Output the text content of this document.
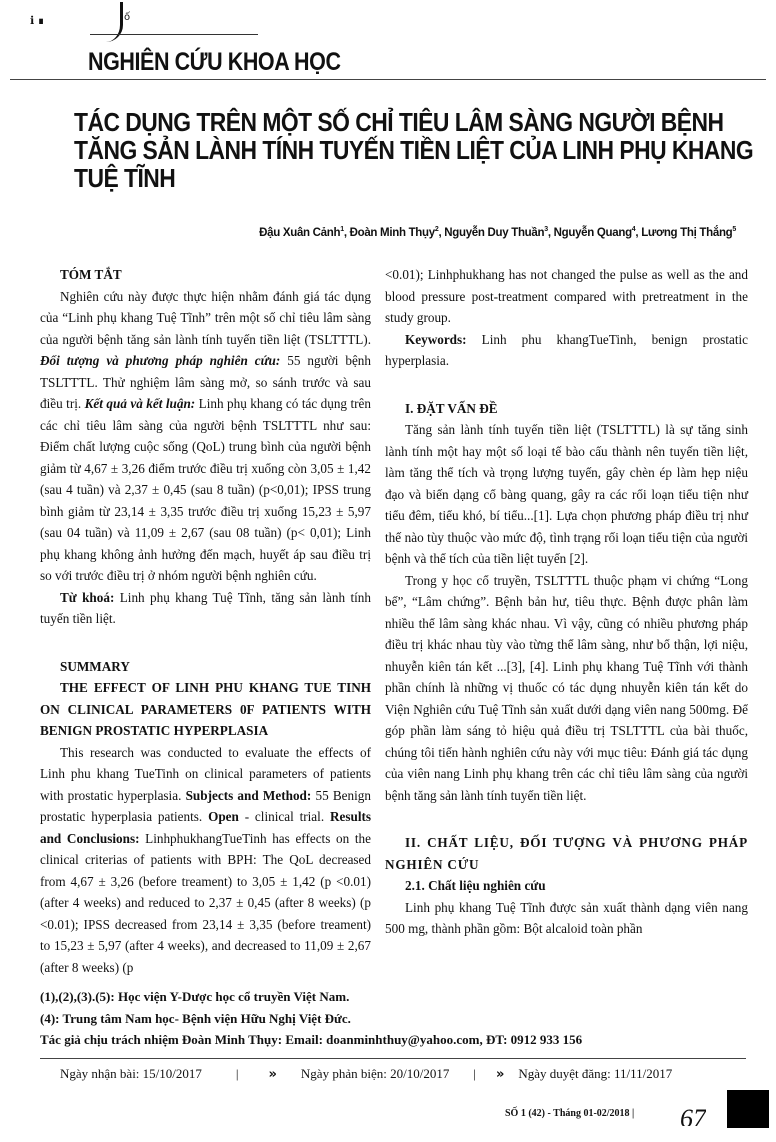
ℹ ∎	ố
NGHIÊN CỨU KHOA HỌC
TÁC DỤNG TRÊN MỘT SỐ CHỈ TIÊU LÂM SÀNG NGƯỜI BỆNH
TĂNG SẢN LÀNH TÍNH TUYẾN TIỀN LIỆT CỦA LINH PHỤ KHANG
TUỆ TĨNH
Đậu Xuân Cảnh$^1$, Đoàn Minh Thụy$^2$, Nguyễn Duy Thuần$^3$, Nguyễn Quang$^4$, Lương Thị Thắng$^5$

TÓM TẮT

Nghiên cứu này được thực hiện nhằm đánh giá tác dụng của “Linh phụ khang Tuệ Tĩnh” trên một số chỉ tiêu lâm sàng của người bệnh tăng sản lành tính tuyến tiền liệt (TSLTTTL). Đối tượng và phương pháp nghiên cứu: 55 người bệnh TSLTTTL. Thử nghiệm lâm sàng mở, so sánh trước và sau điều trị. Kết quả và kết luận: Linh phụ khang có tác dụng trên các chỉ tiêu lâm sàng của người bệnh TSLTTTL như sau: Điểm chất lượng cuộc sống (QoL) trung bình của người bệnh giảm từ 4,67 ± 3,26 điểm trước điều trị xuống còn 3,05 ± 1,42 (sau 4 tuần) và 2,37 ± 0,45 (sau 8 tuần) (p<0,01); IPSS trung bình giảm từ 23,14 ± 3,35 trước điều trị xuống 15,23 ± 5,97 (sau 04 tuần) và 11,09 ± 2,67 (sau 08 tuần) (p< 0,01); Linh phụ khang không ảnh hưởng đến mạch, huyết áp sau điều trị so với trước điều trị ở nhóm người bệnh nghiên cứu.

Từ khoá: Linh phụ khang Tuệ Tĩnh, tăng sản lành tính tuyến tiền liệt.

SUMMARY

THE EFFECT OF LINH PHU KHANG TUE TINH ON CLINICAL PARAMETERS 0F PATIENTS WITH BENIGN PROSTATIC HYPERPLASIA

This research was conducted to evaluate the effects of Linh phu khang TueTinh on clinical parameters of patients with prostatic hyperplasia. Subjects and Method: 55 Benign prostatic hyperplasia patients. Open - clinical trial. Results and Conclusions: LinhphukhangTueTinh has effects on the clinical criterias of patients with BPH: The QoL decreased from 4,67 ± 3,26 (before treament) to 3,05 ± 1,42 (p <0.01) (after 4 weeks) and reduced to 2,37 ± 0,45 (after 8 weeks) (p <0.01); IPSS decreased from 23,14 ± 3,35 (before treament) to 15,23 ± 5,97 (after 4 weeks), and decreased to 11,09 ± 2,67 (after 8 weeks) (p

<0.01); Linhphukhang has not changed the pulse as well as the and blood pressure post-treatment compared with pretreatment in the study group.

Keywords: Linh phu khangTueTinh, benign prostatic hyperplasia.

I. ĐẶT VẤN ĐỀ

Tăng sản lành tính tuyến tiền liệt (TSLTTTL) là sự tăng sinh lành tính một hay một số loại tế bào cấu thành nên tuyến tiền liệt, làm tăng thể tích và trọng lượng tuyến, gây chèn ép làm hẹp niệu đạo và biến dạng cổ bàng quang, gây ra các rối loạn tiểu tiện như tiểu đêm, tiểu khó, bí tiểu...[1]. Lựa chọn phương pháp điều trị như thế nào tùy thuộc vào mức độ, tình trạng rối loạn tiểu tiện của người bệnh và thể tích của tiền liệt tuyến [2].

Trong y học cổ truyền, TSLTTTL thuộc phạm vi chứng “Long bế”, “Lâm chứng”. Bệnh bản hư, tiêu thực. Bệnh được phân làm nhiều thể lâm sàng khác nhau. Vì vậy, cũng có nhiều phương pháp điều trị khác nhau tùy vào từng thể lâm sàng, như bổ thận, lợi niệu, nhuyễn kiên tán kết ...[3], [4]. Linh phụ khang Tuệ Tĩnh với thành phần chính là những vị thuốc có tác dụng nhuyễn kiên tán kết do Viện Nghiên cứu Tuệ Tĩnh sản xuất dưới dạng viên nang 500mg. Để góp phần làm sáng tỏ hiệu quả điều trị TSLTTTL của bài thuốc, chúng tôi tiến hành nghiên cứu này với mục tiêu: Đánh giá tác dụng của viên nang Linh phụ khang trên các chỉ tiêu lâm sàng của người bệnh tăng sản lành tính tuyến tiền liệt.

II. CHẤT LIỆU, ĐỐI TƯỢNG VÀ PHƯƠNG PHÁP NGHIÊN CỨU

2.1. Chất liệu nghiên cứu

Linh phụ khang Tuệ Tĩnh được sản xuất thành dạng viên nang 500 mg, thành phần gồm: Bột alcaloid toàn phần

(1),(2),(3).(5): Học viện Y-Dược học cổ truyền Việt Nam.
(4): Trung tâm Nam học- Bệnh viện Hữu Nghị Việt Đức.
Tác giả chịu trách nhiệm Đoàn Minh Thụy: Email: doanminhthuy@yahoo.com, ĐT: 0912 933 156
Ngày nhận bài: 15/10/2017	| » Ngày phản biện: 20/10/2017 | » Ngày duyệt đăng: 11/11/2017
SỐ 1 (42) - Tháng 01-02/2018 | 67
